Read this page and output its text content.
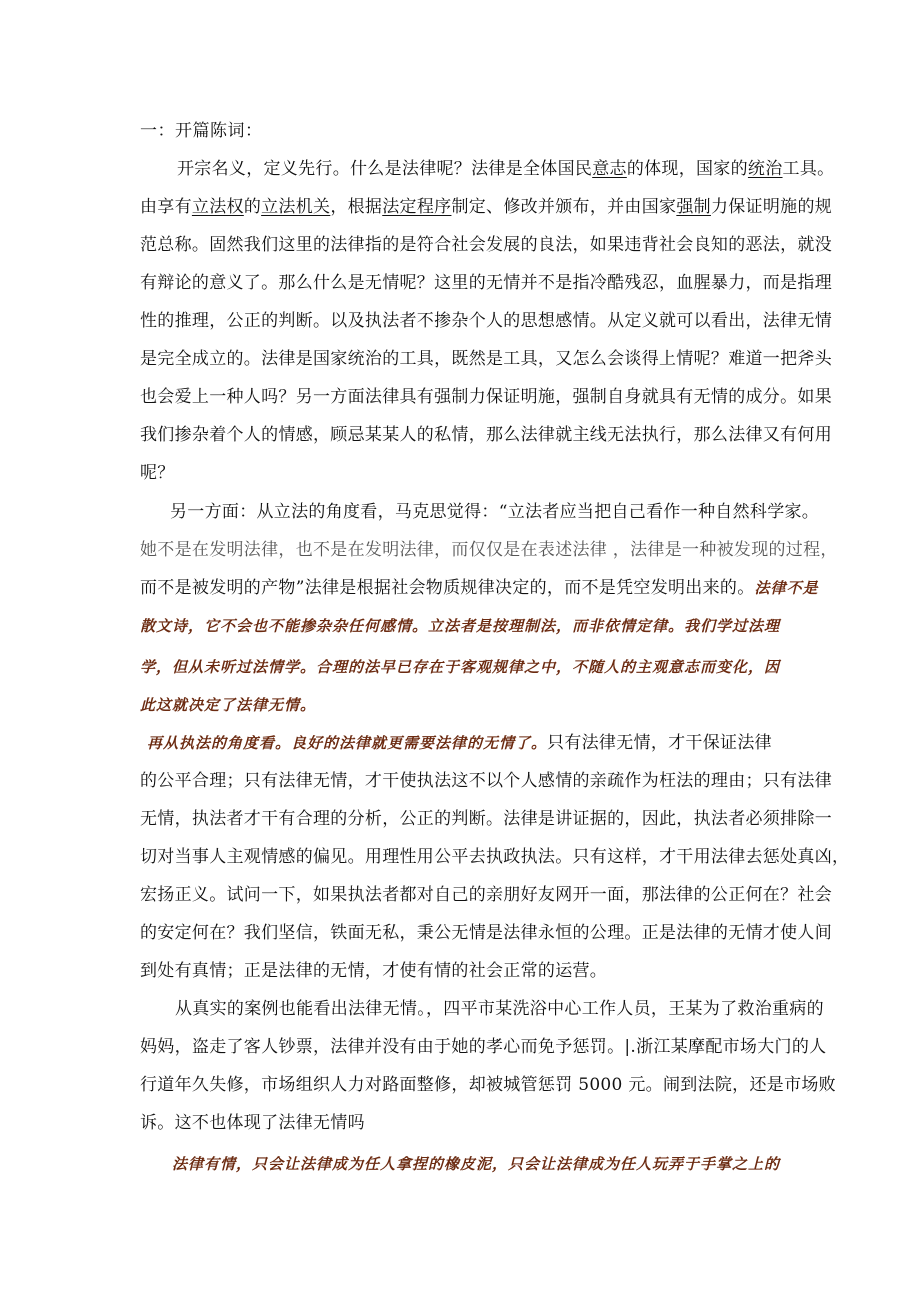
一：开篇陈词：
开宗名义，定义先行。什么是法律呢？法律是全体国民意志的体现，国家的统治工具。
由享有立法权的立法机关，根据法定程序制定、修改并颁布，并由国家强制力保证明施的规
范总称。固然我们这里的法律指的是符合社会发展的良法，如果违背社会良知的恶法，就没
有辩论的意义了。那么什么是无情呢？这里的无情并不是指冷酷残忍，血腥暴力，而是指理
性的推理，公正的判断。以及执法者不掺杂个人的思想感情。从定义就可以看出，法律无情
是完全成立的。法律是国家统治的工具，既然是工具，又怎么会谈得上情呢？难道一把斧头
也会爱上一种人吗？另一方面法律具有强制力保证明施，强制自身就具有无情的成分。如果
我们掺杂着个人的情感，顾忌某某人的私情，那么法律就主线无法执行，那么法律又有何用
呢？
另一方面：从立法的角度看，马克思觉得：“立法者应当把自己看作一种自然科学家。
她不是在发明法律，也不是在发明法律，而仅仅是在表述法律 ，法律是一种被发现的过程，
而不是被发明的产物”法律是根据社会物质规律决定的，而不是凭空发明出来的。法律不是
散文诗，它不会也不能掺杂杂任何感情。立法者是按理制法，而非依情定律。我们学过法理
学，但从未听过法情学。合理的法早已存在于客观规律之中，不随人的主观意志而变化，因
此这就决定了法律无情。
再从执法的角度看。良好的法律就更需要法律的无情了。只有法律无情，才干保证法律
的公平合理；只有法律无情，才干使执法这不以个人感情的亲疏作为枉法的理由；只有法律
无情，执法者才干有合理的分析，公正的判断。法律是讲证据的，因此，执法者必须排除一
切对当事人主观情感的偏见。用理性用公平去执政执法。只有这样，才干用法律去惩处真凶，
宏扬正义。试问一下，如果执法者都对自己的亲朋好友网开一面，那法律的公正何在？社会
的安定何在？我们坚信，铁面无私，秉公无情是法律永恒的公理。正是法律的无情才使人间
到处有真情；正是法律的无情，才使有情的社会正常的运营。
从真实的案例也能看出法律无情。，四平市某洗浴中心工作人员，王某为了救治重病的
妈妈，盗走了客人钞票，法律并没有由于她的孝心而免予惩罚。|.浙江某摩配市场大门的人
行道年久失修，市场组织人力对路面整修，却被城管惩罚 5000 元。闹到法院，还是市场败
诉。这不也体现了法律无情吗
法律有情，只会让法律成为任人拿捏的橡皮泥，只会让法律成为任人玩弄于手掌之上的
